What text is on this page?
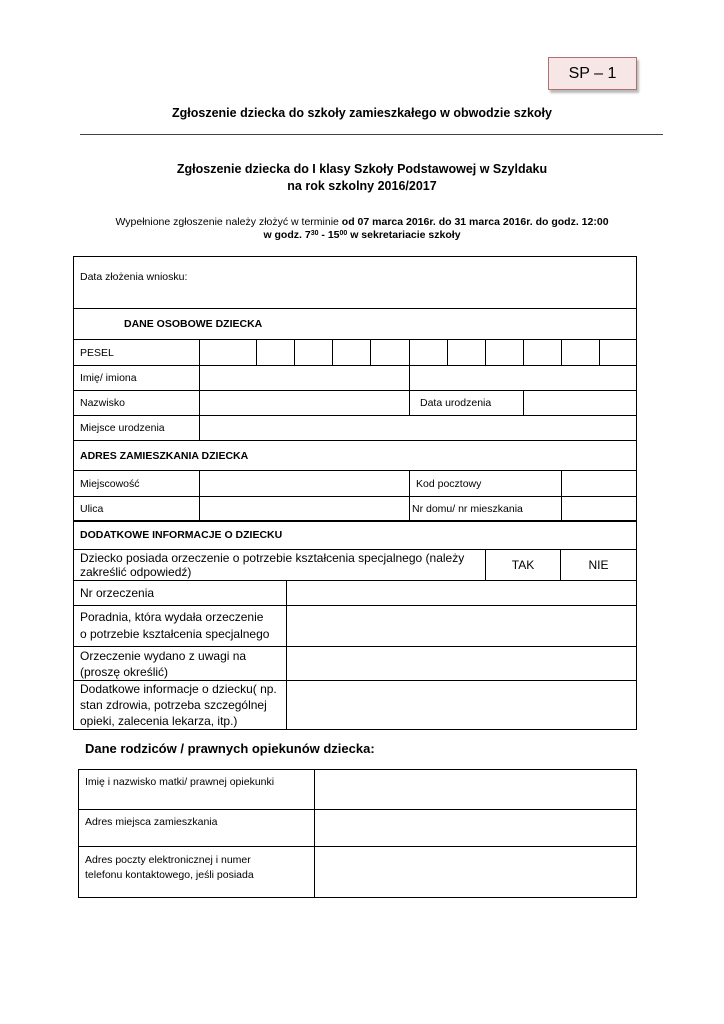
SP – 1
Zgłoszenie dziecka do szkoły zamieszkałego w obwodzie szkoły
Zgłoszenie dziecka do I klasy Szkoły Podstawowej w Szyldaku
na rok szkolny 2016/2017
Wypełnione zgłoszenie należy złożyć w terminie od 07 marca 2016r. do 31 marca 2016r. do godz. 12:00
w godz. $7^{30} - 15^{00}$ w sekretariacie szkoły
Data złożenia wniosku:											
DANE OSOBOWE DZIECKA											
PESEL											
Imię/ imiona											
Nazwisko						Data urodzenia					
Miejsce urodzenia											
ADRES ZAMIESZKANIA DZIECKA											
Miejscowość						Kod pocztowy					
Ulica						Nr domu/ nr mieszkania					
DODATKOWE INFORMACJE O DZIECKU			
Dziecko posiada orzeczenie o potrzebie kształcenia specjalnego (należy zakreślić odpowiedź)		TAK	NIE
Nr orzeczenia			

Poradnia, która wydała orzeczenie
o potrzebie kształcenia specjalnego			

Orzeczenie wydano z uwagi na
(proszę określić)			

Dodatkowe informacje o dziecku( np.
stan zdrowia, potrzeba szczególnej
opieki, zalecenia lekarza, itp.)			

Dane rodziców / prawnych opiekunów dziecka:
Imię i nazwisko matki/ prawnej opiekunki	
Adres miejsca zamieszkania	

Adres poczty elektronicznej i numer
telefonu kontaktowego, jeśli posiada	
